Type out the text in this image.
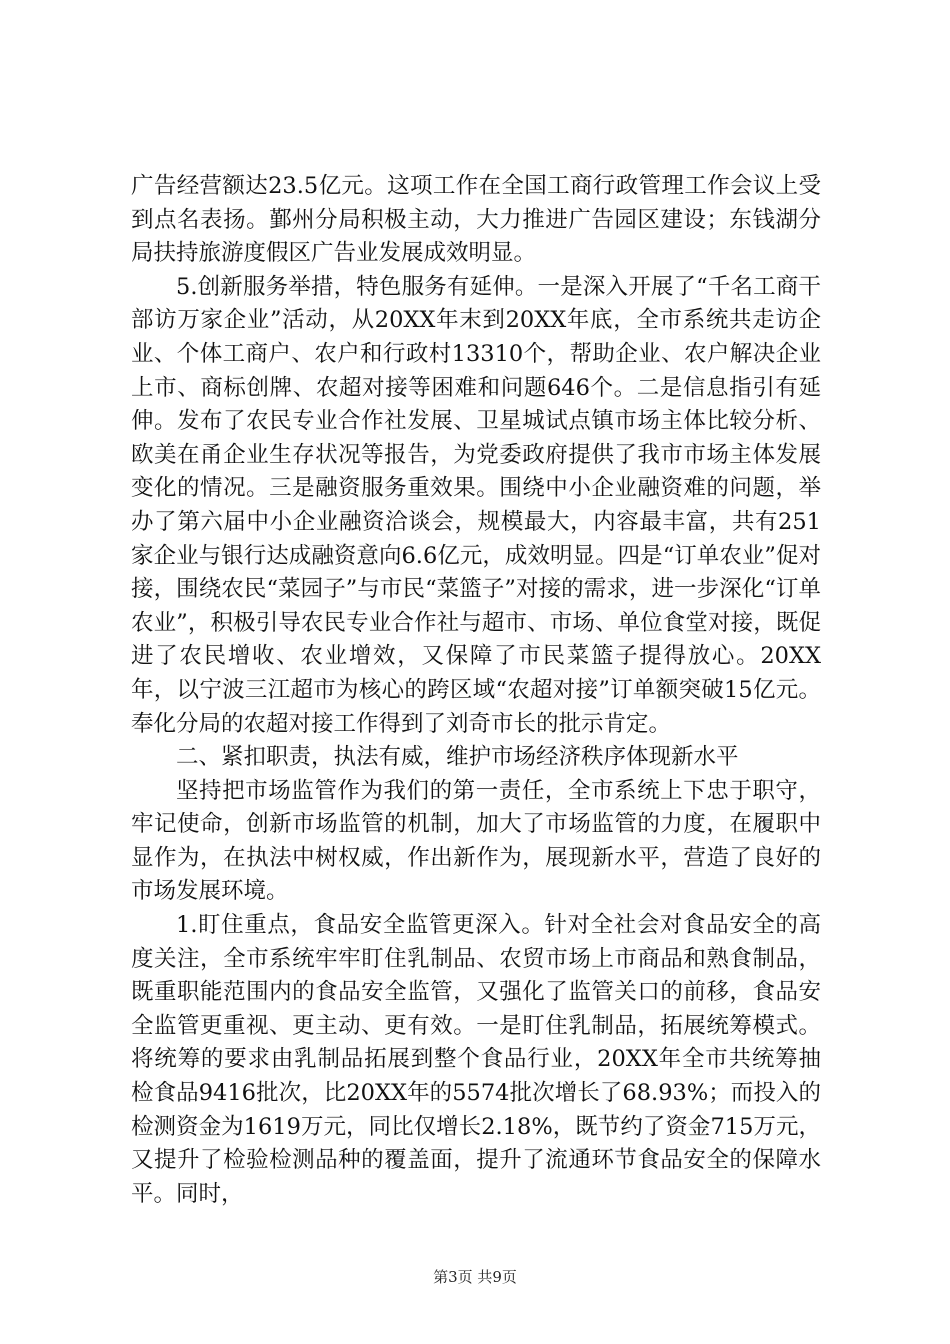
广告经营额达23.5亿元。这项工作在全国工商行政管理工作会议上受到点名表扬。鄞州分局积极主动，大力推进广告园区建设；东钱湖分局扶持旅游度假区广告业发展成效明显。

5.创新服务举措，特色服务有延伸。一是深入开展了“千名工商干部访万家企业”活动，从20XX年末到20XX年底，全市系统共走访企业、个体工商户、农户和行政村13310个，帮助企业、农户解决企业上市、商标创牌、农超对接等困难和问题646个。二是信息指引有延伸。发布了农民专业合作社发展、卫星城试点镇市场主体比较分析、欧美在甬企业生存状况等报告，为党委政府提供了我市市场主体发展变化的情况。三是融资服务重效果。围绕中小企业融资难的问题，举办了第六届中小企业融资洽谈会，规模最大，内容最丰富，共有251家企业与银行达成融资意向6.6亿元，成效明显。四是“订单农业”促对接，围绕农民“菜园子”与市民“菜篮子”对接的需求，进一步深化“订单农业”，积极引导农民专业合作社与超市、市场、单位食堂对接，既促进了农民增收、农业增效，又保障了市民菜篮子提得放心。20XX年，以宁波三江超市为核心的跨区域“农超对接”订单额突破15亿元。奉化分局的农超对接工作得到了刘奇市长的批示肯定。

二、紧扣职责，执法有威，维护市场经济秩序体现新水平

坚持把市场监管作为我们的第一责任，全市系统上下忠于职守，牢记使命，创新市场监管的机制，加大了市场监管的力度，在履职中显作为，在执法中树权威，作出新作为，展现新水平，营造了良好的市场发展环境。

1.盯住重点，食品安全监管更深入。针对全社会对食品安全的高度关注，全市系统牢牢盯住乳制品、农贸市场上市商品和熟食制品，既重职能范围内的食品安全监管，又强化了监管关口的前移，食品安全监管更重视、更主动、更有效。一是盯住乳制品，拓展统筹模式。将统筹的要求由乳制品拓展到整个食品行业，20XX年全市共统筹抽检食品9416批次，比20XX年的5574批次增长了68.93%；而投入的检测资金为1619万元，同比仅增长2.18%，既节约了资金715万元，又提升了检验检测品种的覆盖面，提升了流通环节食品安全的保障水平。同时，

第3页 共9页
